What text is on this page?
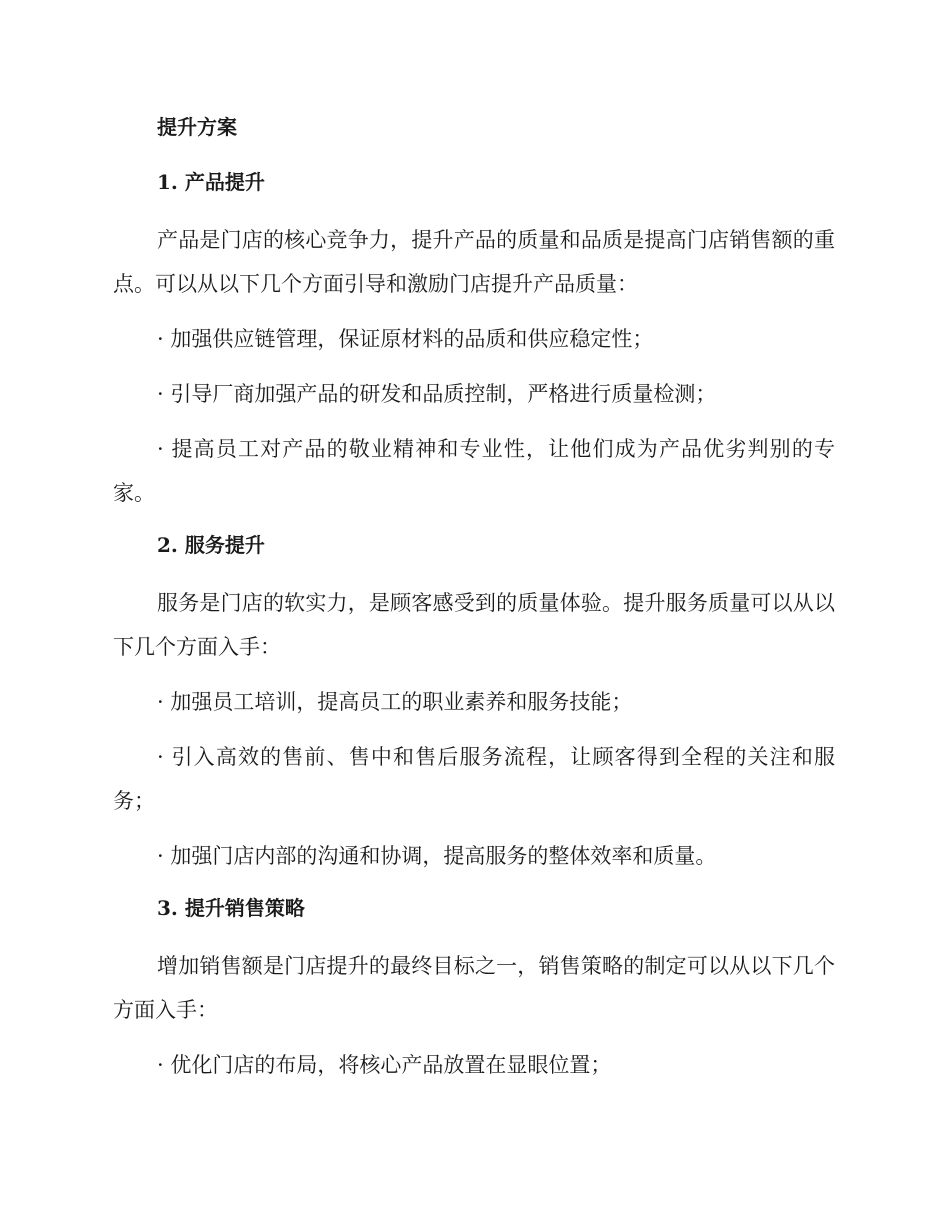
提升方案
1. 产品提升

产品是门店的核心竞争力，提升产品的质量和品质是提高门店销售额的重点。可以从以下几个方面引导和激励门店提升产品质量：

· 加强供应链管理，保证原材料的品质和供应稳定性；

· 引导厂商加强产品的研发和品质控制，严格进行质量检测；

· 提高员工对产品的敬业精神和专业性，让他们成为产品优劣判别的专家。

2. 服务提升

服务是门店的软实力，是顾客感受到的质量体验。提升服务质量可以从以下几个方面入手：

· 加强员工培训，提高员工的职业素养和服务技能；

· 引入高效的售前、售中和售后服务流程，让顾客得到全程的关注和服务；

· 加强门店内部的沟通和协调，提高服务的整体效率和质量。

3. 提升销售策略

增加销售额是门店提升的最终目标之一，销售策略的制定可以从以下几个方面入手：

· 优化门店的布局，将核心产品放置在显眼位置；
